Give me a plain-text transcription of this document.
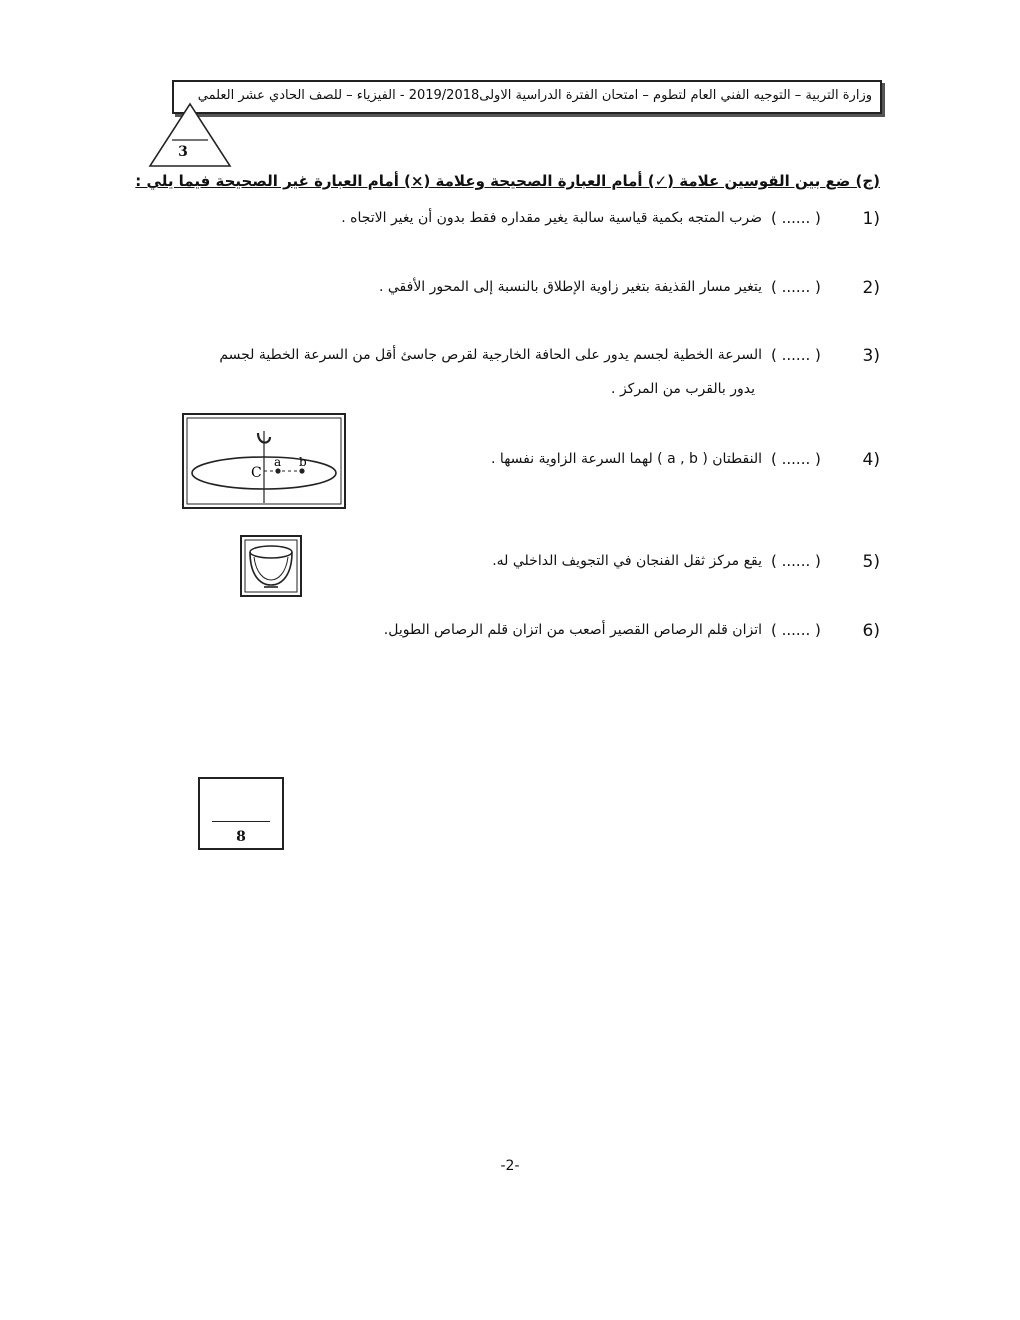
وزارة التربية – التوجيه الفني العام لتطوم – امتحان الفترة الدراسية الاولى2019/2018 - الفيزياء – للصف الحادي عشر العلمي
3
(ج) ضع بين القوسين علامة (✓) أمام العبارة الصحيحة وعلامة (×) أمام العبارة غير الصحيحة فيما يلي :
1)
( ...... )
ضرب المتجه بكمية قياسية سالبة يغير مقداره فقط بدون أن يغير الاتجاه .
2)
( ...... )
يتغير مسار القذيفة بتغير زاوية الإطلاق بالنسبة إلى المحور الأفقي .
3)
( ...... )
السرعة الخطية لجسم يدور على الحافة الخارجية لقرص جاسئ أقل من السرعة الخطية لجسم
يدور بالقرب من المركز .
4)
( ...... )
النقطتان ( a , b ) لهما السرعة الزاوية نفسها .
C
a b
5)
( ...... )
يقع مركز ثقل الفنجان في التجويف الداخلي له.
6)
( ...... )
اتزان قلم الرصاص القصير أصعب من اتزان قلم الرصاص الطويل.
8
-2-
